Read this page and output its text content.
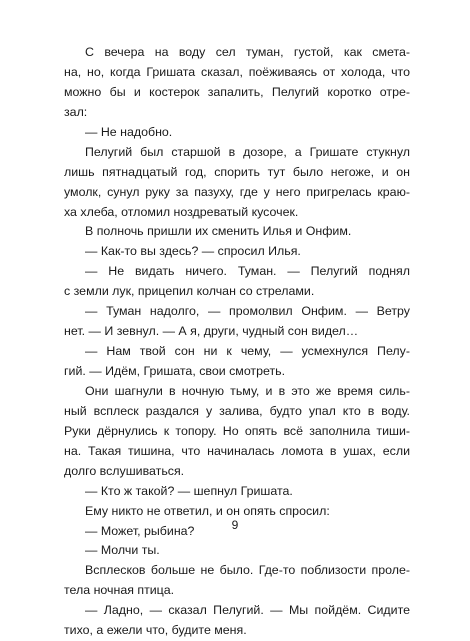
С вечера на воду сел туман, густой, как смета-
на, но, когда Гришата сказал, поёживаясь от холода, что
можно бы и костерок запалить, Пелугий коротко отре-
зал:
— Не надобно.
Пелугий был старшой в дозоре, а Гришате стукнул
лишь пятнадцатый год, спорить тут было негоже, и он
умолк, сунул руку за пазуху, где у него пригрелась краю-
ха хлеба, отломил ноздреватый кусочек.
В полночь пришли их сменить Илья и Онфим.
— Как-то вы здесь? — спросил Илья.
— Не видать ничего. Туман. — Пелугий поднял
с земли лук, прицепил колчан со стрелами.
— Туман надолго, — промолвил Онфим. — Ветру
нет. — И зевнул. — А я, други, чудный сон видел…
— Нам твой сон ни к чему, — усмехнулся Пелу-
гий. — Идём, Гришата, свои смотреть.
Они шагнули в ночную тьму, и в это же время силь-
ный всплеск раздался у залива, будто упал кто в воду.
Руки дёрнулись к топору. Но опять всё заполнила тиши-
на. Такая тишина, что начиналась ломота в ушах, если
долго вслушиваться.
— Кто ж такой? — шепнул Гришата.
Ему никто не ответил, и он опять спросил:
— Может, рыбина?
— Молчи ты.
Всплесков больше не было. Где-то поблизости проле-
тела ночная птица.
— Ладно, — сказал Пелугий. — Мы пойдём. Сидите
тихо, а ежели что, будите меня.
9
